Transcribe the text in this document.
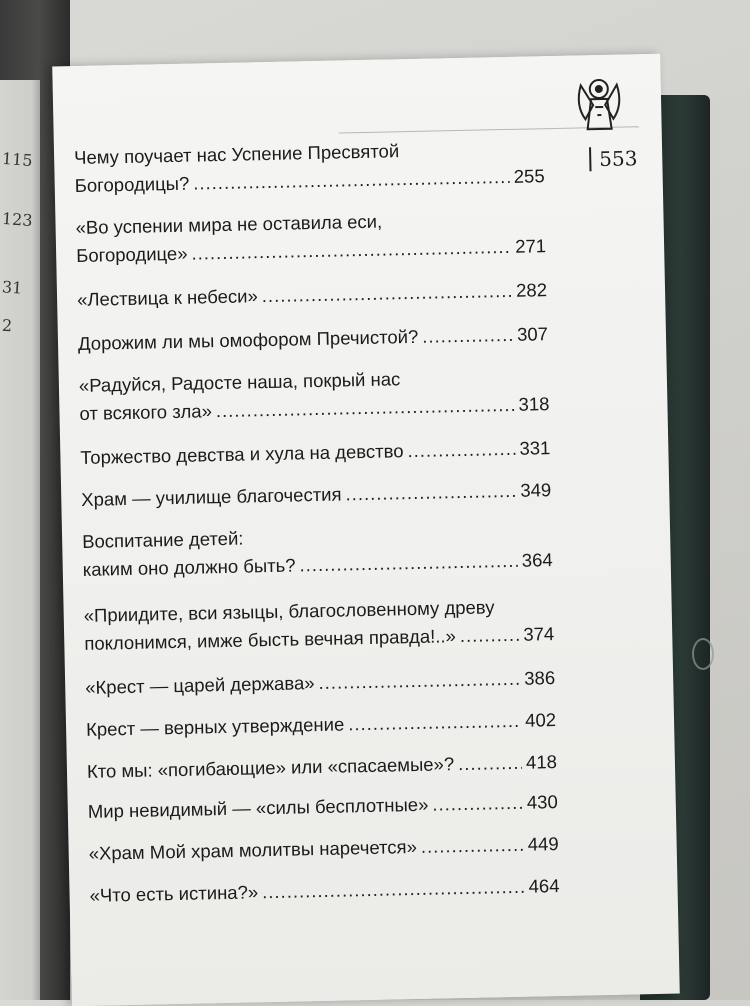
115
123
31
2
553
Чему поучает нас Успение Пресвятой
Богородицы? .....	255
«Во успении мира не оставила еси,
Богородице» .....	271
«Лествица к небеси» .....	282
Дорожим ли мы омофором Пречистой? .....	307
«Радуйся, Радосте наша, покрый нас
от всякого зла» .....	318
Торжество девства и хула на девство .....	331
Храм — училище благочестия .....	349
Воспитание детей:
каким оно должно быть? .....	364
«Приидите, вси языцы, благословенному древу
поклонимся, имже бысть вечная правда!..» .....	374
«Крест — царей держава» .....	386
Крест — верных утверждение .....	402
Кто мы: «погибающие» или «спасаемые»? .....	418
Мир невидимый — «силы бесплотные» .....	430
«Храм Мой храм молитвы наречется» .....	449
«Что есть истина?» .....	464
